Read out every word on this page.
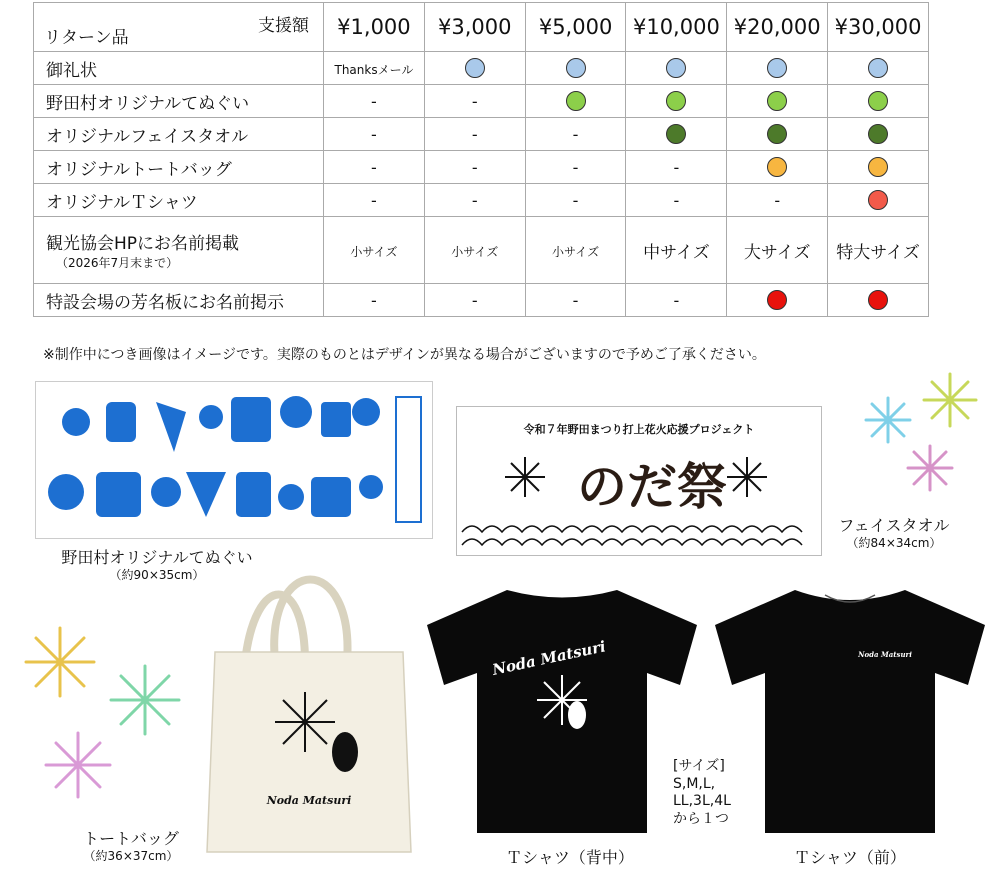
支援額
リターン品	¥1,000	¥3,000	¥5,000	¥10,000	¥20,000	¥30,000
御礼状	Thanksメール					
野田村オリジナルてぬぐい	-	-				
オリジナルフェイスタオル	-	-	-			
オリジナルトートバッグ	-	-	-	-		
オリジナルＴシャツ	-	-	-	-	-	
観光協会HPにお名前掲載
（2026年7月末まで）	小サイズ	小サイズ	小サイズ	中サイズ	大サイズ	特大サイズ
特設会場の芳名板にお名前掲示	-	-	-	-		
※制作中につき画像はイメージです。実際のものとはデザインが異なる場合がございますので予めご了承ください。
野田村オリジナルてぬぐい
（約90×35cm）
令和７年野田まつり打上花火応援プロジェクト
のだ祭
フェイスタオル
（約84×34cm）
Noda Matsuri
トートバッグ
（約36×37cm）
Noda Matsuri
Ｔシャツ（背中）
[サイズ]
S,M,L,
LL,3L,4L
から１つ
Noda Matsuri
Ｔシャツ（前）
